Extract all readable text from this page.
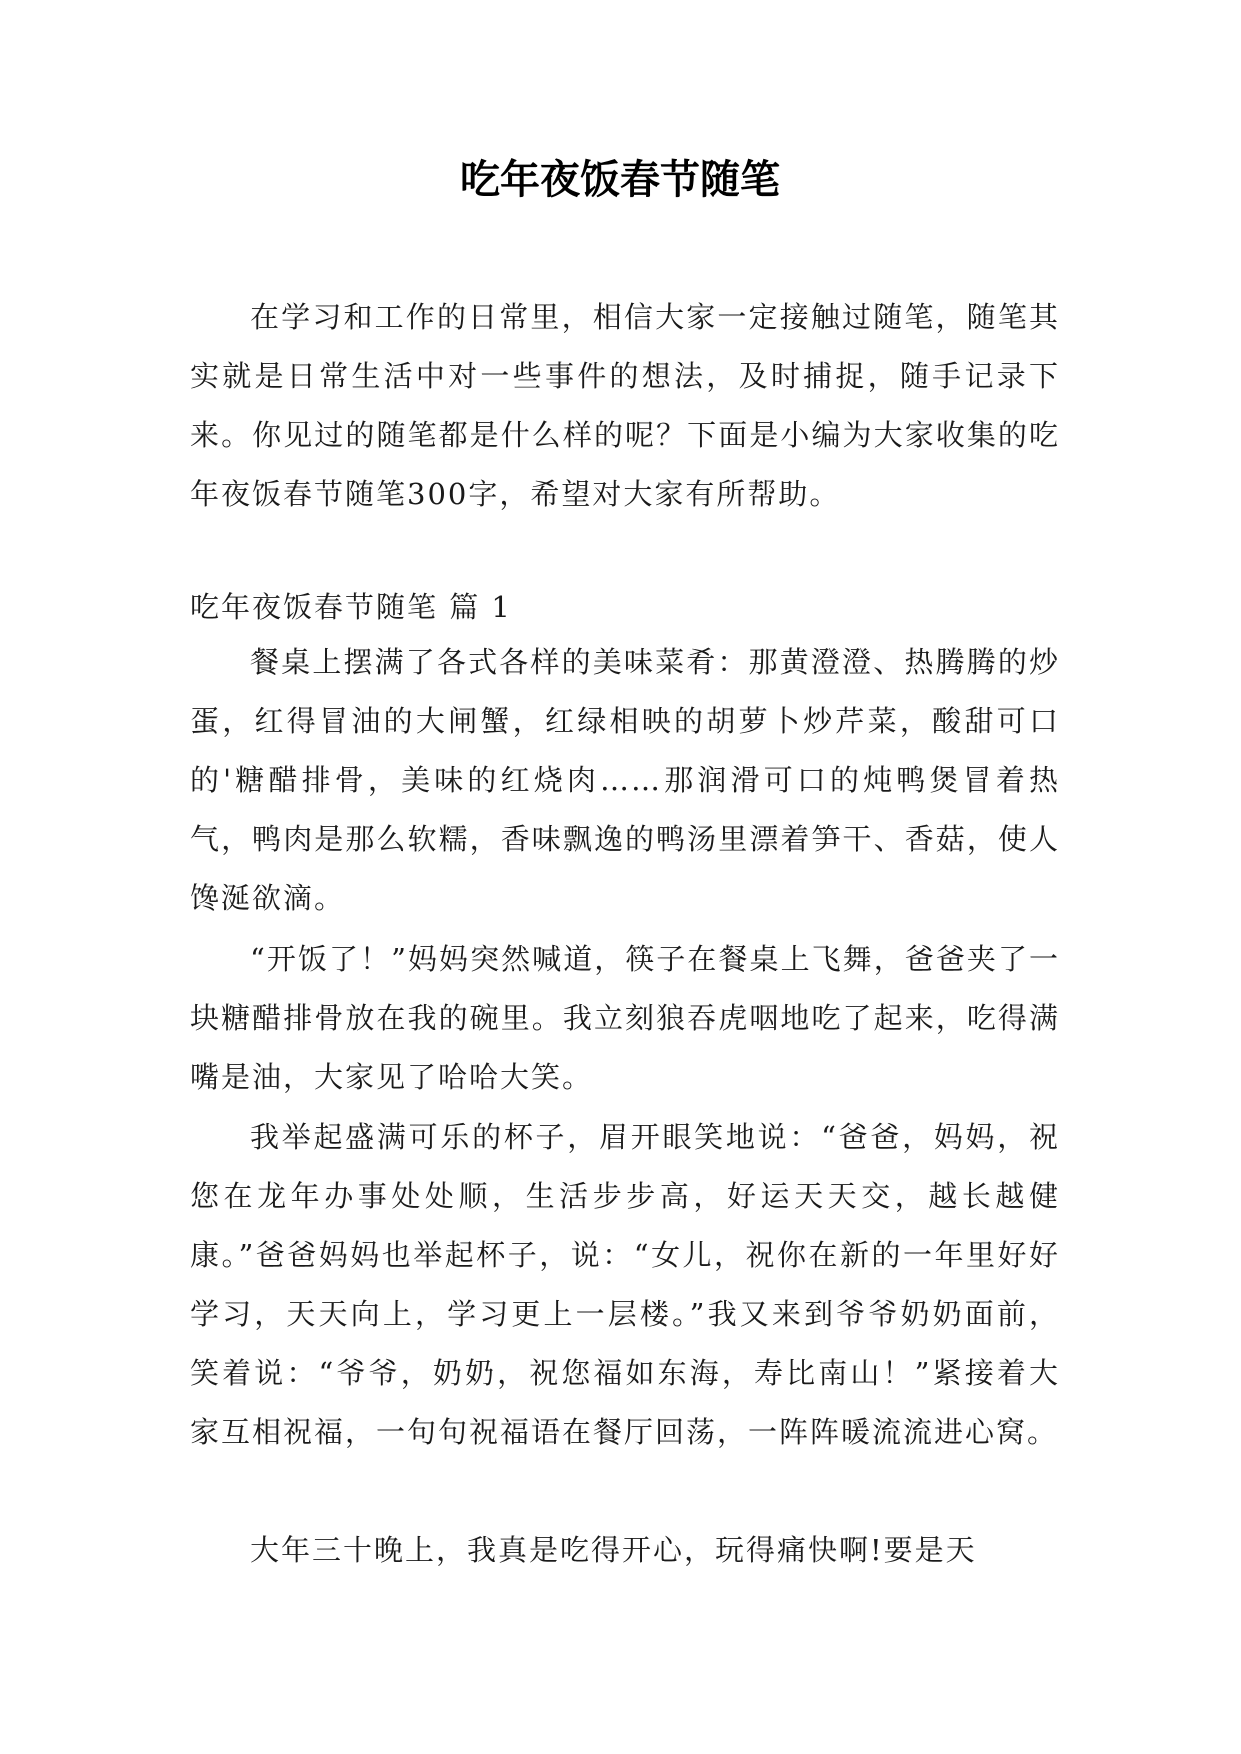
吃年夜饭春节随笔

在学习和工作的日常里，相信大家一定接触过随笔，随笔其实就是日常生活中对一些事件的想法，及时捕捉，随手记录下来。你见过的随笔都是什么样的呢？下面是小编为大家收集的吃年夜饭春节随笔300字，希望对大家有所帮助。

吃年夜饭春节随笔 篇 1

餐桌上摆满了各式各样的美味菜肴：那黄澄澄、热腾腾的炒蛋，红得冒油的大闸蟹，红绿相映的胡萝卜炒芹菜，酸甜可口的'糖醋排骨，美味的红烧肉……那润滑可口的炖鸭煲冒着热气，鸭肉是那么软糯，香味飘逸的鸭汤里漂着笋干、香菇，使人馋涎欲滴。

“开饭了！”妈妈突然喊道，筷子在餐桌上飞舞，爸爸夹了一块糖醋排骨放在我的碗里。我立刻狼吞虎咽地吃了起来，吃得满嘴是油，大家见了哈哈大笑。

我举起盛满可乐的杯子，眉开眼笑地说：“爸爸，妈妈，祝您在龙年办事处处顺，生活步步高，好运天天交，越长越健康。”爸爸妈妈也举起杯子，说：“女儿，祝你在新的一年里好好学习，天天向上，学习更上一层楼。”我又来到爷爷奶奶面前，笑着说：“爷爷，奶奶，祝您福如东海，寿比南山！”紧接着大家互相祝福，一句句祝福语在餐厅回荡，一阵阵暖流流进心窝。

大年三十晚上，我真是吃得开心，玩得痛快啊!要是天
